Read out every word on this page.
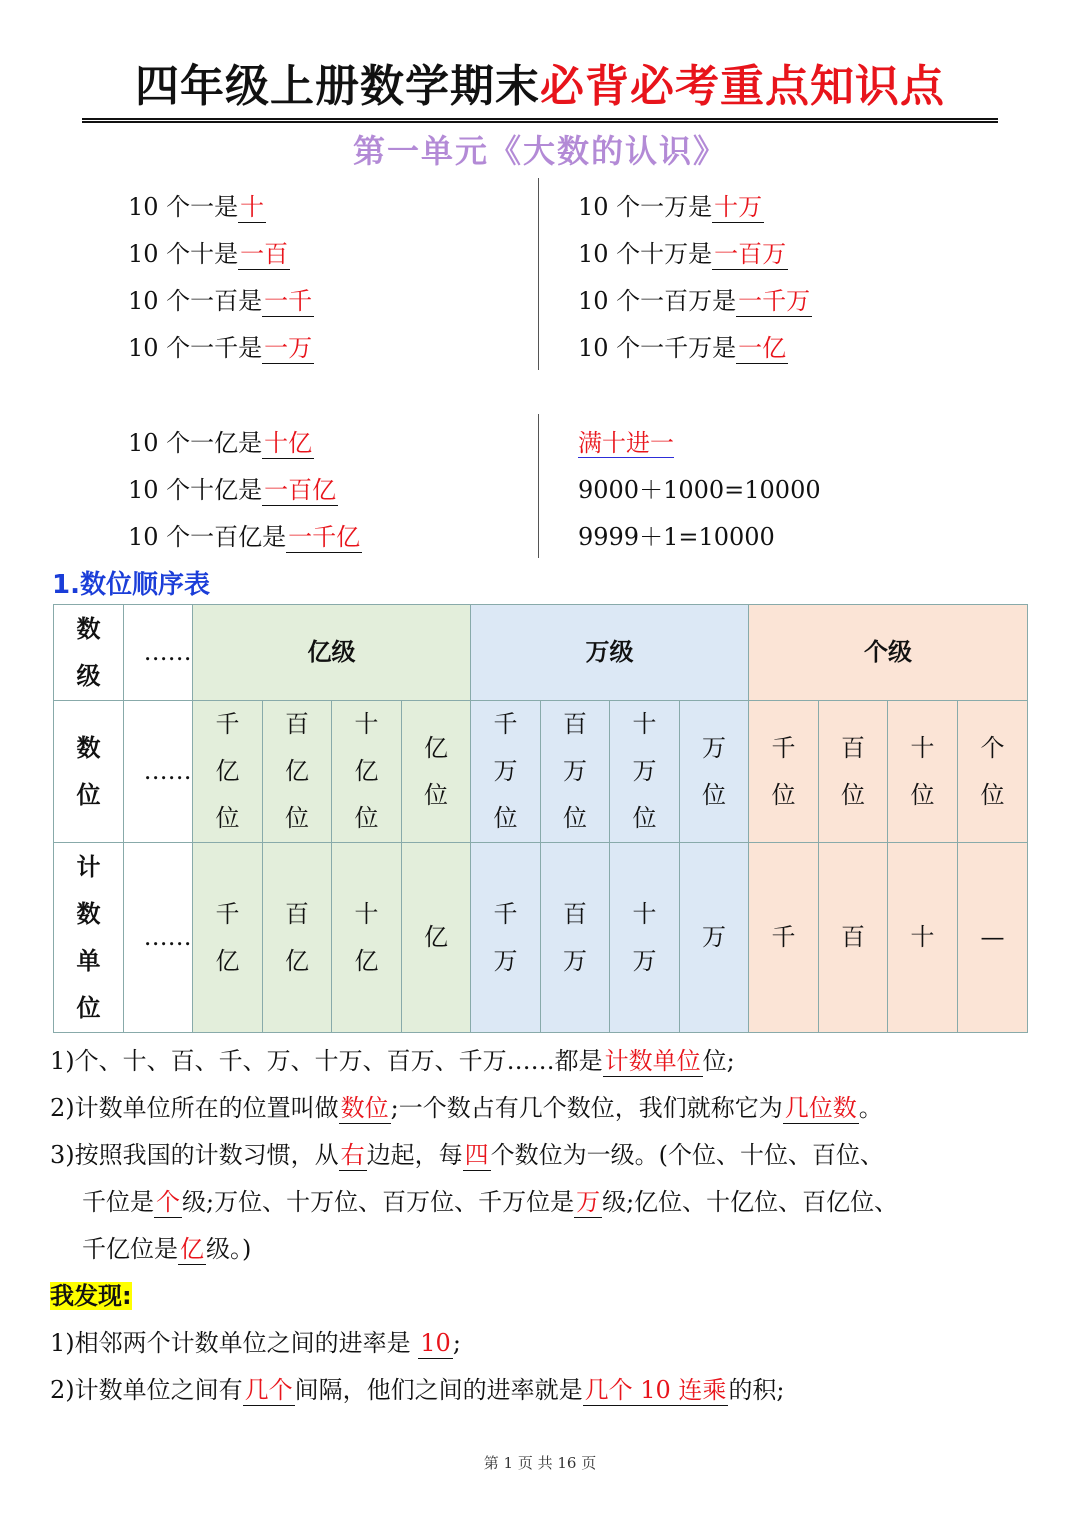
四年级上册数学期末必背必考重点知识点
第一单元《大数的认识》
10 个一是十
10 个十是一百
10 个一百是一千
10 个一千是一万
10 个一万是十万
10 个十万是一百万
10 个一百万是一千万
10 个一千万是一亿
10 个一亿是十亿
10 个十亿是一百亿
10 个一百亿是一千亿
满十进一
9000＋1000=10000
9999＋1=10000
1.数位顺序表
数级	……	亿级				万级				个级			
数位	……	千亿位	百亿位	十亿位	亿位	千万位	百万位	十万位	万位	千位	百位	十位	个位
计数单位	……	千亿	百亿	十亿	亿	千万	百万	十万	万	千	百	十	—

1)个、十、百、千、万、十万、百万、千万……都是计数单位位;

2)计数单位所在的位置叫做数位;一个数占有几个数位，我们就称它为几位数。

3)按照我国的计数习惯，从右边起，每四个数位为一级。(个位、十位、百位、

千位是个级;万位、十万位、百万位、千万位是万级;亿位、十亿位、百亿位、

千亿位是亿级。)

我发现:

1)相邻两个计数单位之间的进率是 10;

2)计数单位之间有几个间隔，他们之间的进率就是几个 10 连乘的积;

第 1 页 共 16 页
